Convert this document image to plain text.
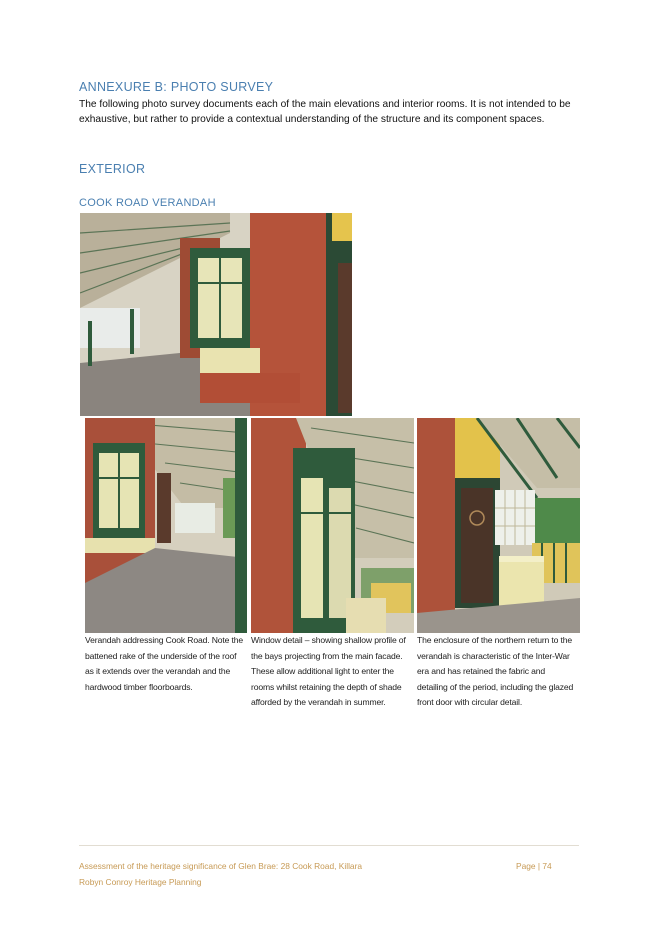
ANNEXURE B: PHOTO SURVEY
The following photo survey documents each of the main elevations and interior rooms. It is not intended to be exhaustive, but rather to provide a contextual understanding of the structure and its component spaces.
EXTERIOR
COOK ROAD VERANDAH
Verandah addressing Cook Road. Note the battened rake of the underside of the roof as it extends over the verandah and the hardwood timber floorboards.
Window detail – showing shallow profile of the bays projecting from the main facade. These allow additional light to enter the rooms whilst retaining the depth of shade afforded by the verandah in summer.
The enclosure of the northern return to the verandah is characteristic of the Inter-War era and has retained the fabric and detailing of the period, including the glazed front door with circular detail.
Assessment of the heritage significance of Glen Brae: 28 Cook Road, Killara
Robyn Conroy Heritage Planning
Page | 74
